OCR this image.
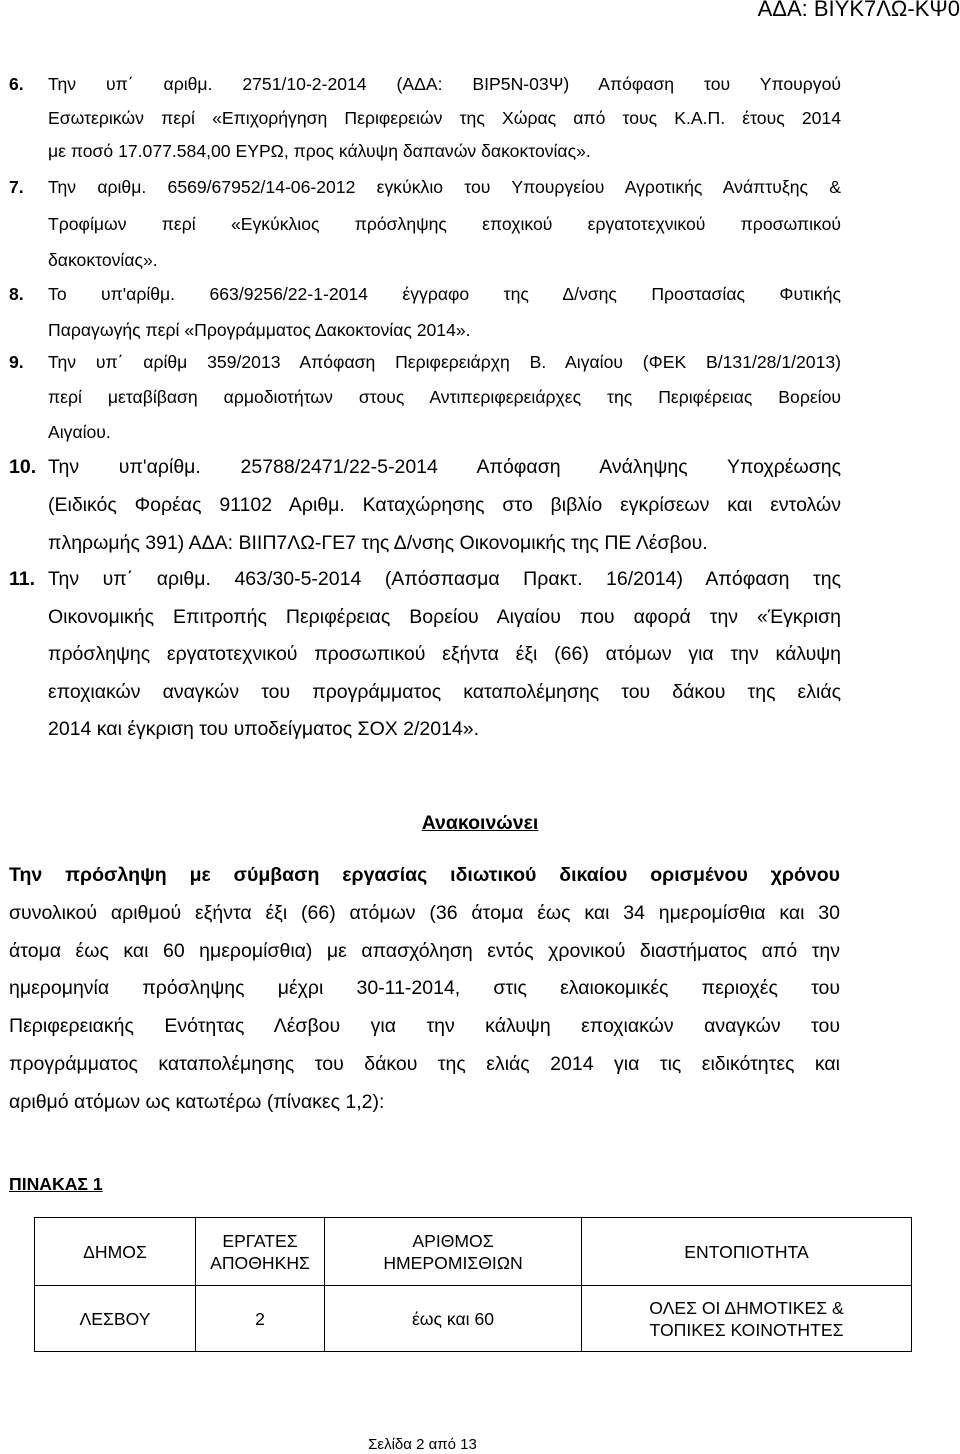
ΑΔΑ: ΒΙΥΚ7ΛΩ-ΚΨ0
6. Την υπ΄ αριθμ. 2751/10-2-2014 (ΑΔΑ: ΒΙΡ5Ν-03Ψ) Απόφαση του Υπουργού
Εσωτερικών περί «Επιχορήγηση Περιφερειών της Χώρας από τους Κ.Α.Π. έτους 2014
με ποσό 17.077.584,00 ΕΥΡΩ, προς κάλυψη δαπανών δακοκτονίας».
7. Την αριθμ. 6569/67952/14-06-2012 εγκύκλιο του Υπουργείου Αγροτικής Ανάπτυξης &
Τροφίμων περί «Εγκύκλιος πρόσληψης εποχικού εργατοτεχνικού προσωπικού
δακοκτονίας».
8. Το υπ'αρίθμ. 663/9256/22-1-2014 έγγραφο της Δ/νσης Προστασίας Φυτικής
Παραγωγής περί «Προγράμματος Δακοκτονίας 2014».
9. Την υπ΄ αρίθμ 359/2013 Απόφαση Περιφερειάρχη Β. Αιγαίου (ΦΕΚ Β/131/28/1/2013)
περί μεταβίβαση αρμοδιοτήτων στους Αντιπεριφερειάρχες της Περιφέρειας Βορείου
Αιγαίου.
10. Την υπ'αρίθμ. 25788/2471/22-5-2014 Απόφαση Ανάληψης Υποχρέωσης
(Ειδικός Φορέας 91102 Αριθμ. Καταχώρησης στο βιβλίο εγκρίσεων και εντολών
πληρωμής 391) ΑΔΑ: ΒΙΙΠ7ΛΩ-ΓΕ7 της Δ/νσης Οικονομικής της ΠΕ Λέσβου.
11. Την υπ΄ αριθμ. 463/30-5-2014 (Απόσπασμα Πρακτ. 16/2014) Απόφαση της
Οικονομικής Επιτροπής Περιφέρειας Βορείου Αιγαίου που αφορά την «Έγκριση
πρόσληψης εργατοτεχνικού προσωπικού εξήντα έξι (66) ατόμων για την κάλυψη
εποχιακών αναγκών του προγράμματος καταπολέμησης του δάκου της ελιάς
2014 και έγκριση του υποδείγματος ΣΟΧ 2/2014».
Ανακοινώνει
Την πρόσληψη με σύμβαση εργασίας ιδιωτικού δικαίου ορισμένου χρόνου
συνολικού αριθμού εξήντα έξι (66) ατόμων (36 άτομα έως και 34 ημερομίσθια και 30
άτομα έως και 60 ημερομίσθια) με απασχόληση εντός χρονικού διαστήματος από την
ημερομηνία πρόσληψης μέχρι 30-11-2014, στις ελαιοκομικές περιοχές του
Περιφερειακής Ενότητας Λέσβου για την κάλυψη εποχιακών αναγκών του
προγράμματος καταπολέμησης του δάκου της ελιάς 2014 για τις ειδικότητες και
αριθμό ατόμων ως κατωτέρω (πίνακες 1,2):
ΠΙΝΑΚΑΣ 1
ΔΗΜΟΣ	ΕΡΓΑΤΕΣ ΑΠΟΘΗΚΗΣ	ΑΡΙΘΜΟΣ ΗΜΕΡΟΜΙΣΘΙΩΝ	ΕΝΤΟΠΙΟΤΗΤΑ
ΛΕΣΒΟΥ	2	έως και 60	ΟΛΕΣ ΟΙ ΔΗΜΟΤΙΚΕΣ & ΤΟΠΙΚΕΣ ΚΟΙΝΟΤΗΤΕΣ
Σελίδα 2 από 13
